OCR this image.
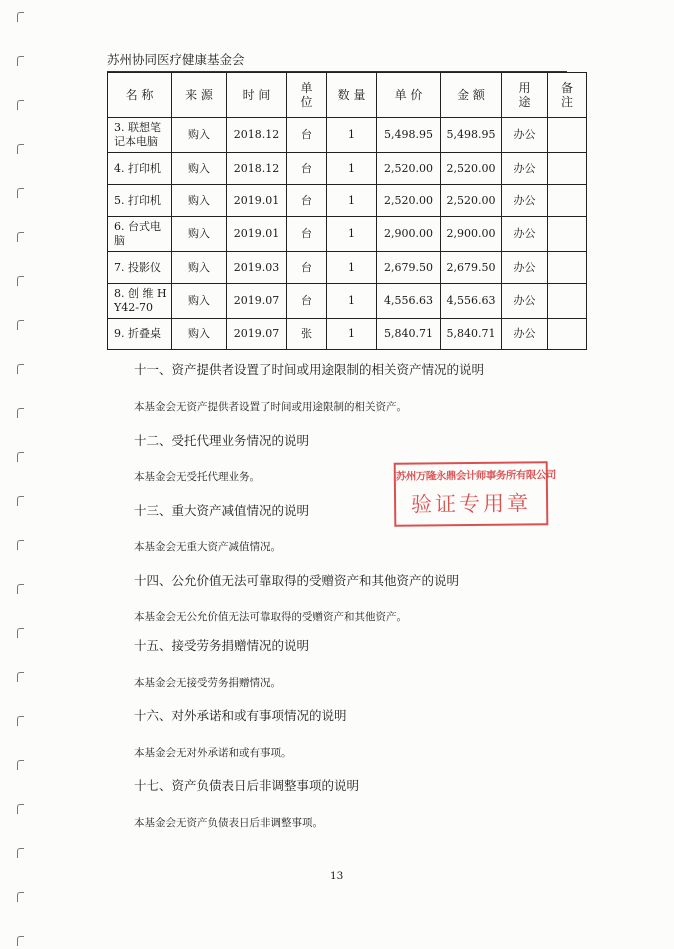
苏州协同医疗健康基金会
名 称	来 源	时 间	单位	数 量	单 价	金 额	用途	备注
3. 联想笔记本电脑	购入	2018.12	台	1	5,498.95	5,498.95	办公	
4. 打印机	购入	2018.12	台	1	2,520.00	2,520.00	办公	
5. 打印机	购入	2019.01	台	1	2,520.00	2,520.00	办公	
6. 台式电脑	购入	2019.01	台	1	2,900.00	2,900.00	办公	
7. 投影仪	购入	2019.03	台	1	2,679.50	2,679.50	办公	
8. 创 维 HY42-70	购入	2019.07	台	1	4,556.63	4,556.63	办公	
9. 折叠桌	购入	2019.07	张	1	5,840.71	5,840.71	办公	
十一、资产提供者设置了时间或用途限制的相关资产情况的说明
本基金会无资产提供者设置了时间或用途限制的相关资产。
十二、受托代理业务情况的说明
本基金会无受托代理业务。	苏州万隆永鼎会计师事务所有限公司
验证专用章
十三、重大资产减值情况的说明
本基金会无重大资产减值情况。
十四、公允价值无法可靠取得的受赠资产和其他资产的说明
本基金会无公允价值无法可靠取得的受赠资产和其他资产。
十五、接受劳务捐赠情况的说明
本基金会无接受劳务捐赠情况。
十六、对外承诺和或有事项情况的说明
本基金会无对外承诺和或有事项。
十七、资产负债表日后非调整事项的说明
本基金会无资产负债表日后非调整事项。
13
